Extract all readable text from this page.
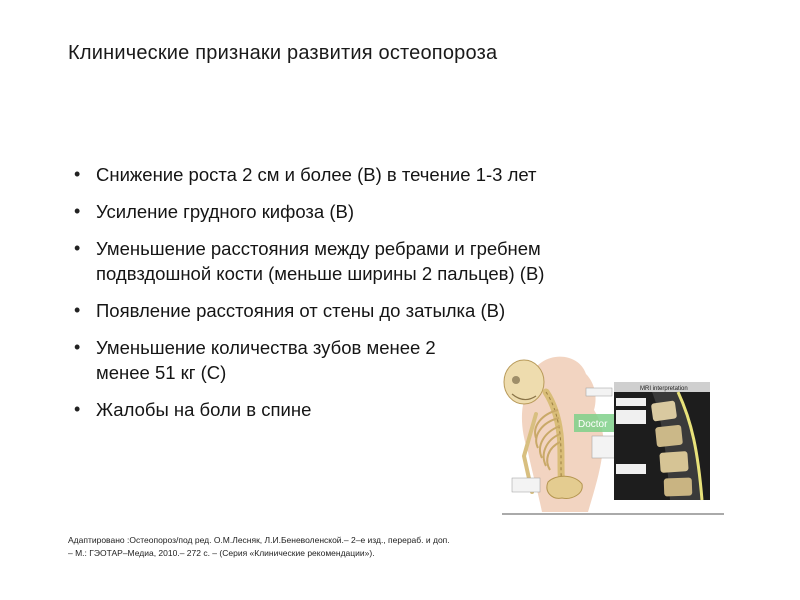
Клинические признаки развития остеопороза
• Снижение роста 2 см и более (В) в течение 1-3 лет
• Усиление грудного кифоза (В)
• Уменьшение расстояния между ребрами и гребнем
подвздошной кости (меньше ширины 2 пальцев) (В)
• Появление расстояния от стены до затылка (В)
• Уменьшение количества зубов менее 2
менее 51 кг (С)
• Жалобы на боли в спине
Doctor
MRI interpretation
Адаптировано :Остеопороз/под ред. О.М.Лесняк, Л.И.Беневоленской.– 2–е изд., перераб. и доп.
– М.: ГЭОТАР–Медиа, 2010.– 272 с. – (Серия «Клинические рекомендации»).
